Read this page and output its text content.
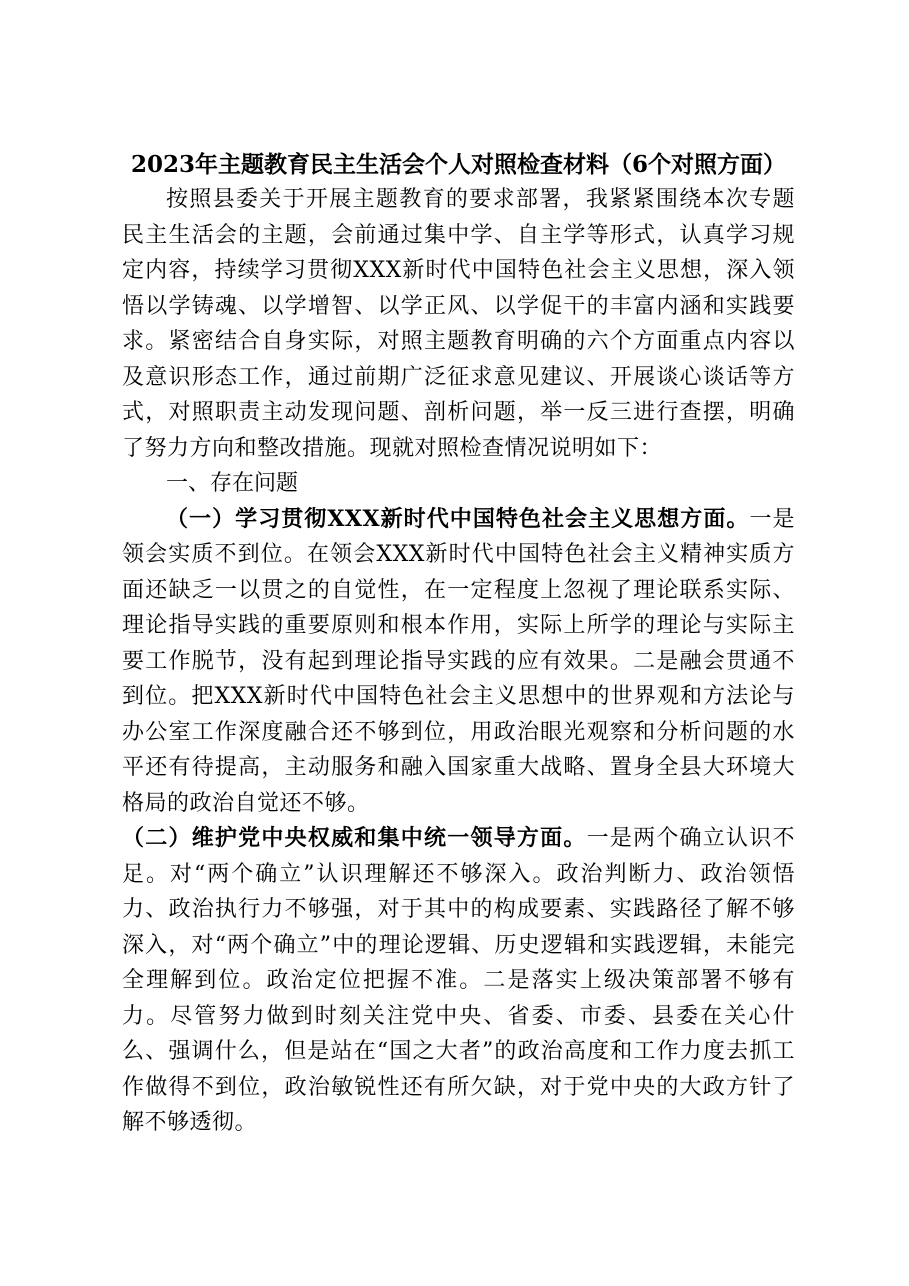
2023年主题教育民主生活会个人对照检查材料（6个对照方面）

按照县委关于开展主题教育的要求部署，我紧紧围绕本次专题民主生活会的主题，会前通过集中学、自主学等形式，认真学习规定内容，持续学习贯彻XXX新时代中国特色社会主义思想，深入领悟以学铸魂、以学增智、以学正风、以学促干的丰富内涵和实践要求。紧密结合自身实际，对照主题教育明确的六个方面重点内容以及意识形态工作，通过前期广泛征求意见建议、开展谈心谈话等方式，对照职责主动发现问题、剖析问题，举一反三进行查摆，明确了努力方向和整改措施。现就对照检查情况说明如下：

一、存在问题

（一）学习贯彻XXX新时代中国特色社会主义思想方面。一是领会实质不到位。在领会XXX新时代中国特色社会主义精神实质方面还缺乏一以贯之的自觉性，在一定程度上忽视了理论联系实际、理论指导实践的重要原则和根本作用，实际上所学的理论与实际主要工作脱节，没有起到理论指导实践的应有效果。二是融会贯通不到位。把XXX新时代中国特色社会主义思想中的世界观和方法论与办公室工作深度融合还不够到位，用政治眼光观察和分析问题的水平还有待提高，主动服务和融入国家重大战略、置身全县大环境大格局的政治自觉还不够。

（二）维护党中央权威和集中统一领导方面。一是两个确立认识不足。对“两个确立”认识理解还不够深入。政治判断力、政治领悟力、政治执行力不够强，对于其中的构成要素、实践路径了解不够深入，对“两个确立”中的理论逻辑、历史逻辑和实践逻辑，未能完全理解到位。政治定位把握不准。二是落实上级决策部署不够有力。尽管努力做到时刻关注党中央、省委、市委、县委在关心什么、强调什么，但是站在“国之大者”的政治高度和工作力度去抓工作做得不到位，政治敏锐性还有所欠缺，对于党中央的大政方针了解不够透彻。
